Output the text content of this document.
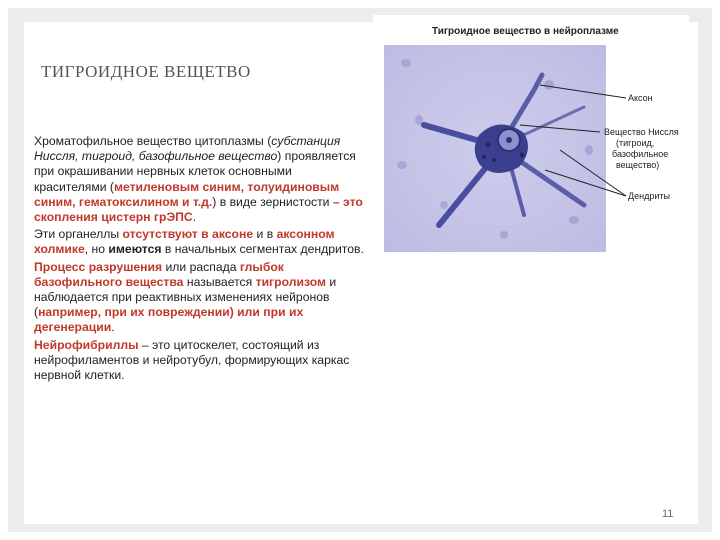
ТИГРОИДНОЕ ВЕЩЕТВО

Хроматофильное вещество цитоплазмы (субстанция Ниссля, тигроид, базофильное вещество) проявляется при окрашивании нервных клеток основными красителями (метиленовым синим, толуидиновым синим, гематоксилином и т.д.) в виде зернистости – это скопления цистерн грЭПС.

Эти органеллы отсутствуют в аксоне и в аксонном холмике, но имеются в начальных сегментах дендритов.

Процесс разрушения или распада глыбок базофильного вещества называется тигролизом и наблюдается при реактивных изменениях нейронов (например, при их повреждении) или при их дегенерации.

Нейрофибриллы – это цитоскелет, состоящий из нейрофиламентов и нейротубул, формирующих каркас нервной клетки.

Тигроидное вещество в нейроплазме
Аксон
Вещество Ниссля
(тигроид,
базофильное
вещество)
Дендриты
11
